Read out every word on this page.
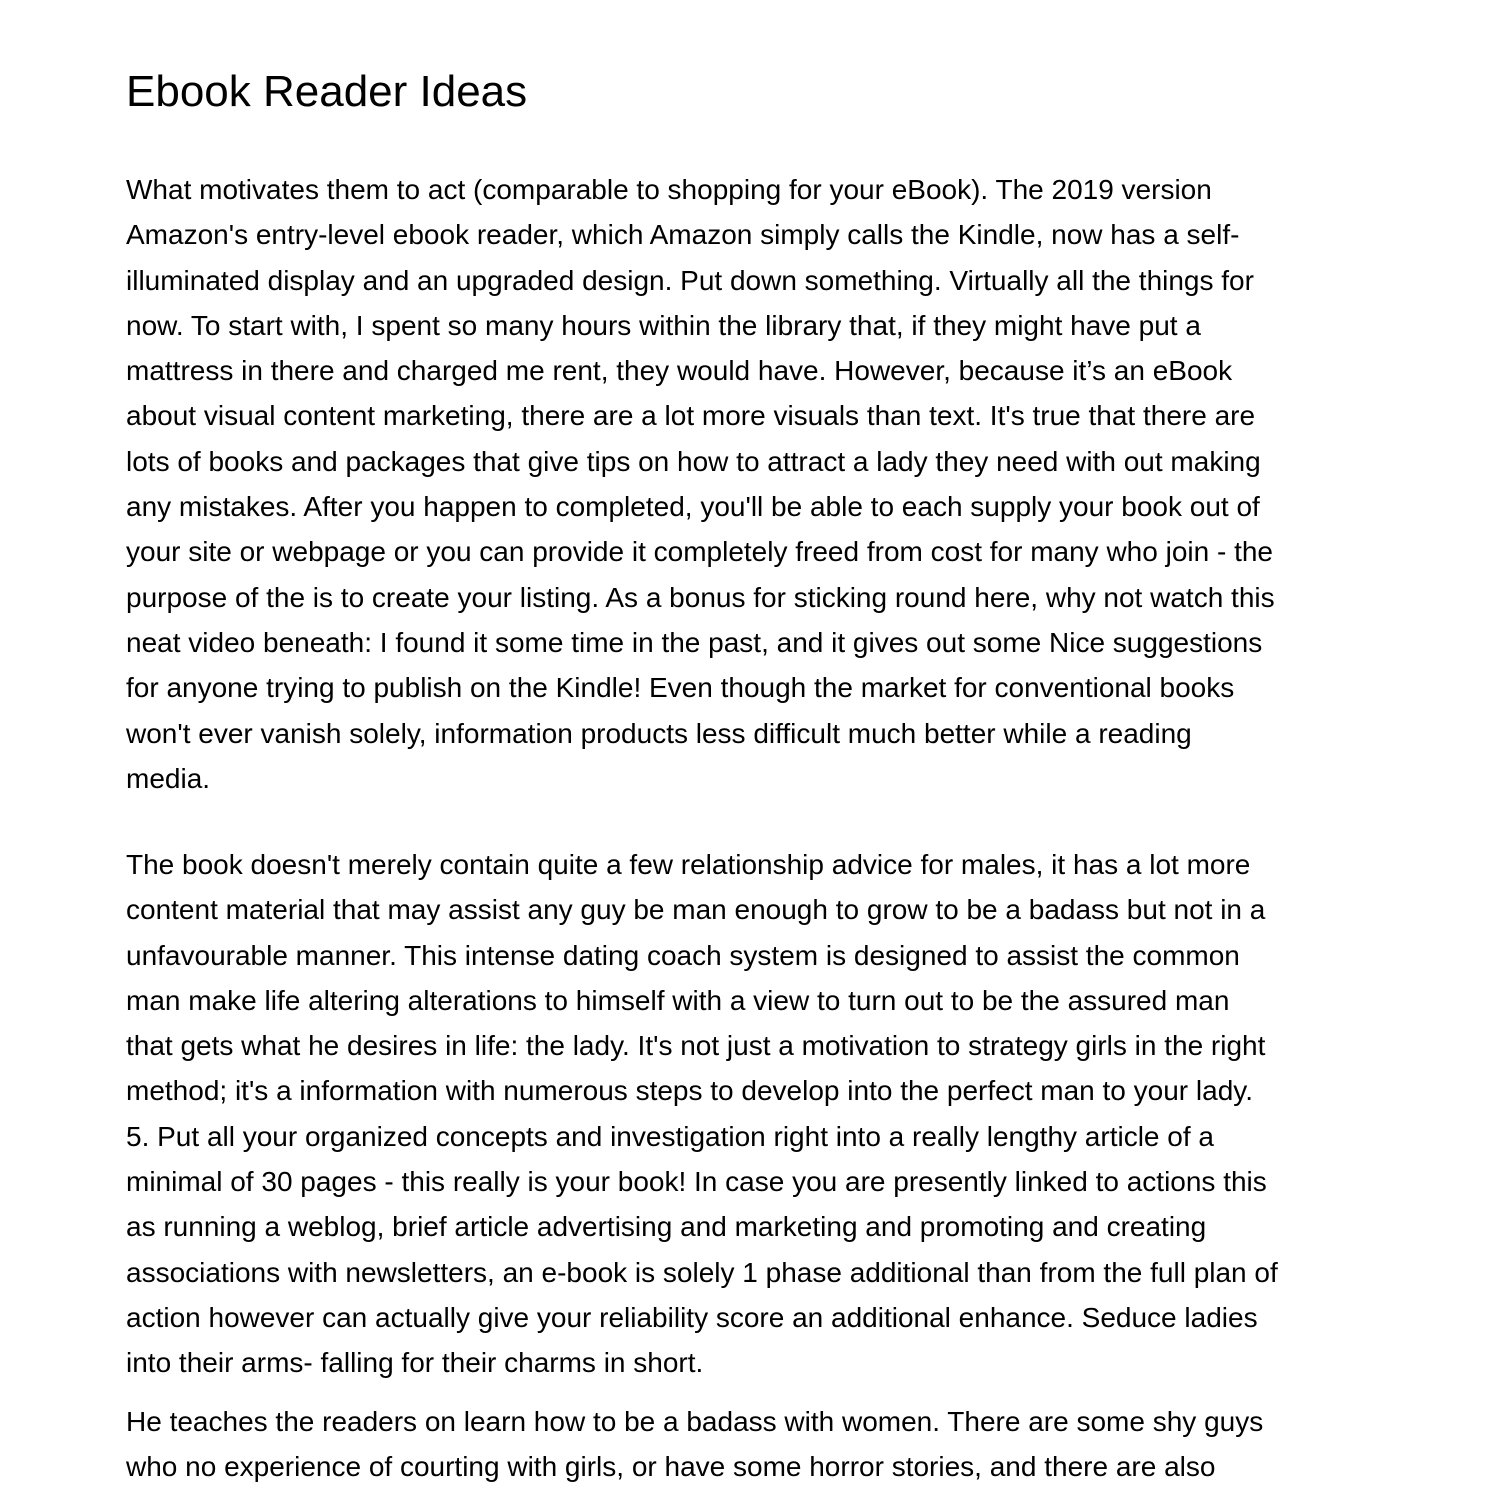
Ebook Reader Ideas

What motivates them to act (comparable to shopping for your eBook). The 2019 version
Amazon's entry-level ebook reader, which Amazon simply calls the Kindle, now has a self-
illuminated display and an upgraded design. Put down something. Virtually all the things for
now. To start with, I spent so many hours within the library that, if they might have put a
mattress in there and charged me rent, they would have. However, because it’s an eBook
about visual content marketing, there are a lot more visuals than text. It's true that there are
lots of books and packages that give tips on how to attract a lady they need with out making
any mistakes. After you happen to completed, you'll be able to each supply your book out of
your site or webpage or you can provide it completely freed from cost for many who join - the
purpose of the is to create your listing. As a bonus for sticking round here, why not watch this
neat video beneath: I found it some time in the past, and it gives out some Nice suggestions
for anyone trying to publish on the Kindle! Even though the market for conventional books
won't ever vanish solely, information products less difficult much better while a reading
media.

The book doesn't merely contain quite a few relationship advice for males, it has a lot more
content material that may assist any guy be man enough to grow to be a badass but not in a
unfavourable manner. This intense dating coach system is designed to assist the common
man make life altering alterations to himself with a view to turn out to be the assured man
that gets what he desires in life: the lady. It's not just a motivation to strategy girls in the right
method; it's a information with numerous steps to develop into the perfect man to your lady.
5. Put all your organized concepts and investigation right into a really lengthy article of a
minimal of 30 pages - this really is your book! In case you are presently linked to actions this
as running a weblog, brief article advertising and marketing and promoting and creating
associations with newsletters, an e-book is solely 1 phase additional than from the full plan of
action however can actually give your reliability score an additional enhance. Seduce ladies
into their arms- falling for their charms in short.

He teaches the readers on learn how to be a badass with women. There are some shy guys
who no experience of courting with girls, or have some horror stories, and there are also
